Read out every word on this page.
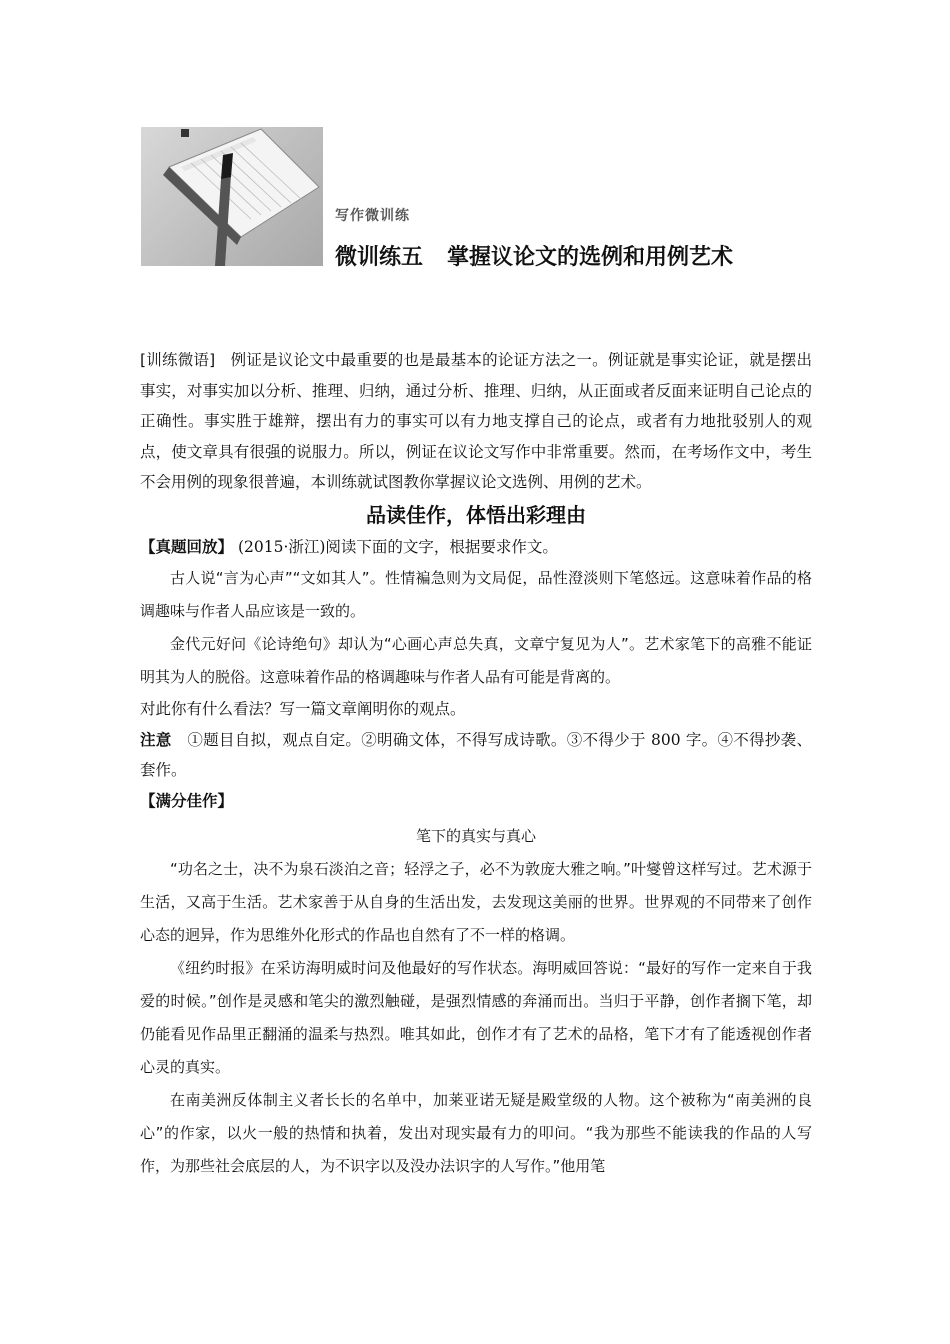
写作微训练
微训练五 掌握议论文的选例和用例艺术

[训练微语] 例证是议论文中最重要的也是最基本的论证方法之一。例证就是事实论证，就是摆出事实，对事实加以分析、推理、归纳，通过分析、推理、归纳，从正面或者反面来证明自己论点的正确性。事实胜于雄辩，摆出有力的事实可以有力地支撑自己的论点，或者有力地批驳别人的观点，使文章具有很强的说服力。所以，例证在议论文写作中非常重要。然而，在考场作文中，考生不会用例的现象很普遍，本训练就试图教你掌握议论文选例、用例的艺术。

品读佳作，体悟出彩理由

【真题回放】 (2015·浙江)阅读下面的文字，根据要求作文。

古人说“言为心声”“文如其人”。性情褊急则为文局促，品性澄淡则下笔悠远。这意味着作品的格调趣味与作者人品应该是一致的。

金代元好问《论诗绝句》却认为“心画心声总失真，文章宁复见为人”。艺术家笔下的高雅不能证明其为人的脱俗。这意味着作品的格调趣味与作者人品有可能是背离的。

对此你有什么看法？写一篇文章阐明你的观点。

注意 ①题目自拟，观点自定。②明确文体，不得写成诗歌。③不得少于 800 字。④不得抄袭、套作。

【满分佳作】

笔下的真实与真心

“功名之士，决不为泉石淡泊之音；轻浮之子，必不为敦庞大雅之响。”叶燮曾这样写过。艺术源于生活，又高于生活。艺术家善于从自身的生活出发，去发现这美丽的世界。世界观的不同带来了创作心态的迥异，作为思维外化形式的作品也自然有了不一样的格调。

《纽约时报》在采访海明威时问及他最好的写作状态。海明威回答说：“最好的写作一定来自于我爱的时候。”创作是灵感和笔尖的激烈触碰，是强烈情感的奔涌而出。当归于平静，创作者搁下笔，却仍能看见作品里正翻涌的温柔与热烈。唯其如此，创作才有了艺术的品格，笔下才有了能透视创作者心灵的真实。

在南美洲反体制主义者长长的名单中，加莱亚诺无疑是殿堂级的人物。这个被称为“南美洲的良心”的作家，以火一般的热情和执着，发出对现实最有力的叩问。“我为那些不能读我的作品的人写作，为那些社会底层的人，为不识字以及没办法识字的人写作。”他用笔
